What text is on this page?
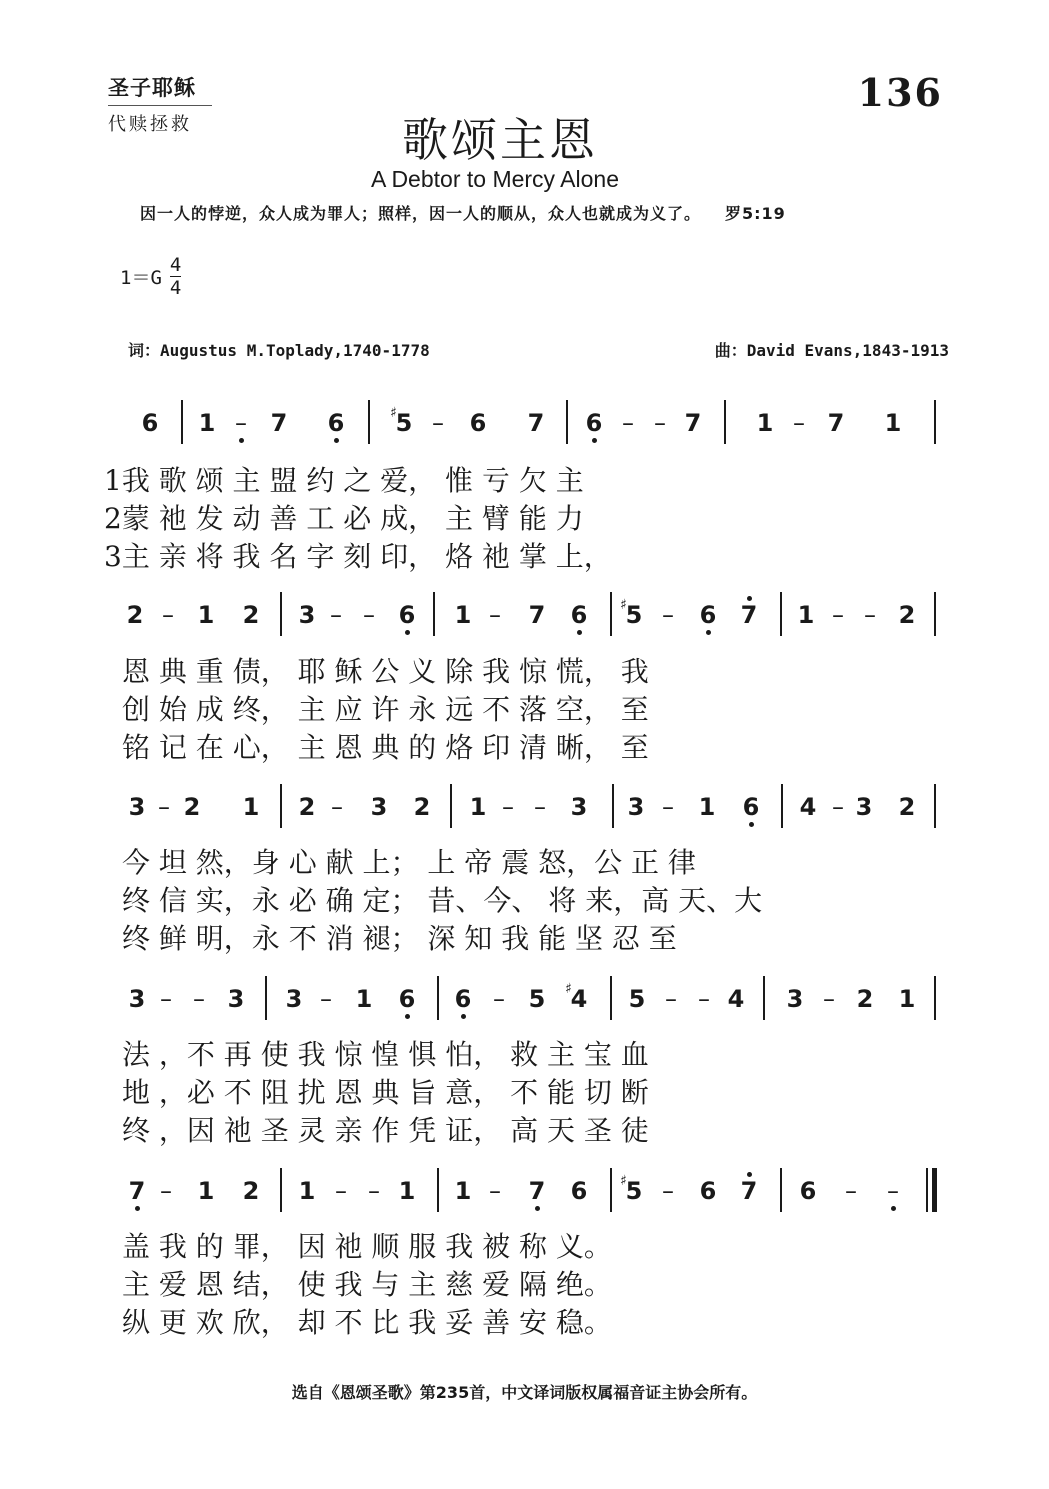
圣子耶稣
代赎拯救
136
歌颂主恩
A Debtor to Mercy Alone
因一人的悖逆，众人成为罪人；照样，因一人的顺从，众人也就成为义了。 罗5:19
1＝G
4
4
词：Augustus M.Toplady,1740-1778	曲：David Evans,1843-1913
6	1 – 7	6	5
♯	–	6	7	6 – – 7	1 – 7	1
1我 歌 颂 主 盟 约 之 爱， 惟 亏 欠 主
2蒙 祂 发 动 善 工 必 成， 主 臂 能 力
3主 亲 将 我 名 字 刻 印， 烙 祂 掌 上，
2 – 1	2	3 – – 6	1 –	7	6	5
♯	–	6	7	1 – – 2
恩 典 重 债， 耶 稣 公 义 除 我 惊 慌， 我
创 始 成 终， 主 应 许 永 远 不 落 空， 至
铭 记 在 心， 主 恩 典 的 烙 印 清 晰， 至
3 – 2	1	2 –	3	2	1 – –	3	3 –	1	6	4 – 3	2
今 坦 然，身 心 献 上； 上 帝 震 怒，公 正 律
终 信 实，永 必 确 定； 昔、今、 将 来，高 天、大
终 鲜 明，永 不 消 褪； 深 知 我 能 坚 忍 至
3 – – 3	3 – 1	6	6 – 5	4
♯	5 – – 4	3 – 2	1
法 ，不 再 使 我 惊 惶 惧 怕， 救 主 宝 血
地 ，必 不 阻 扰 恩 典 旨 意， 不 能 切 断
终 ，因 祂 圣 灵 亲 作 凭 证， 高 天 圣 徒
7 –	1	2	1 – – 1	1 –	7	6	5
♯	–	6	7	6	–	–
盖 我 的 罪， 因 祂 顺 服 我 被 称 义。
主 爱 恩 结， 使 我 与 主 慈 爱 隔 绝。
纵 更 欢 欣， 却 不 比 我 妥 善 安 稳。
选自《恩颂圣歌》第235首，中文译词版权属福音证主协会所有。
